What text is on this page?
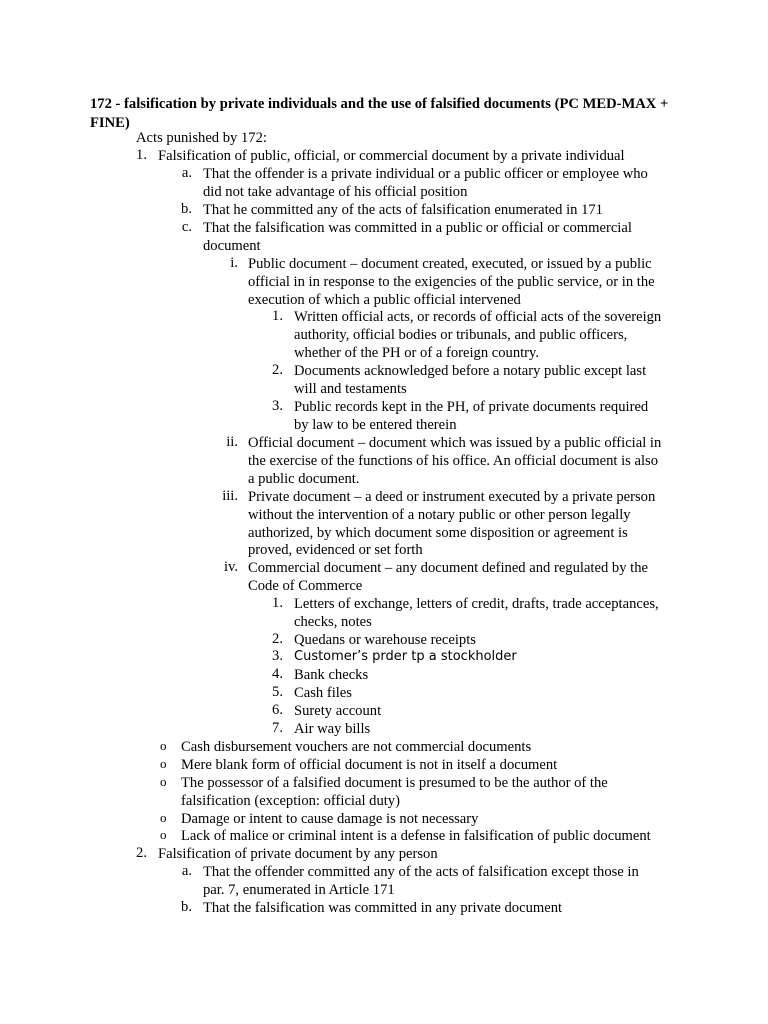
172 - falsification by private individuals and the use of falsified documents (PC MED-MAX + FINE)
Acts punished by 172:
1. Falsification of public, official, or commercial document by a private individual
a. That the offender is a private individual or a public officer or employee who
did not take advantage of his official position
b. That he committed any of the acts of falsification enumerated in 171
c. That the falsification was committed in a public or official or commercial
document
i. Public document – document created, executed, or issued by a public
official in in response to the exigencies of the public service, or in the
execution of which a public official intervened
1. Written official acts, or records of official acts of the sovereign
authority, official bodies or tribunals, and public officers,
whether of the PH or of a foreign country.
2. Documents acknowledged before a notary public except last
will and testaments
3. Public records kept in the PH, of private documents required
by law to be entered therein
ii. Official document – document which was issued by a public official in
the exercise of the functions of his office. An official document is also
a public document.
iii. Private document – a deed or instrument executed by a private person
without the intervention of a notary public or other person legally
authorized, by which document some disposition or agreement is
proved, evidenced or set forth
iv. Commercial document – any document defined and regulated by the
Code of Commerce
1. Letters of exchange, letters of credit, drafts, trade acceptances,
checks, notes
2. Quedans or warehouse receipts
3. Customer’s prder tp a stockholder
4. Bank checks
5. Cash files
6. Surety account
7. Air way bills
o Cash disbursement vouchers are not commercial documents
o Mere blank form of official document is not in itself a document
o The possessor of a falsified document is presumed to be the author of the
falsification (exception: official duty)
o Damage or intent to cause damage is not necessary
o Lack of malice or criminal intent is a defense in falsification of public document
2. Falsification of private document by any person
a. That the offender committed any of the acts of falsification except those in
par. 7, enumerated in Article 171
b. That the falsification was committed in any private document
